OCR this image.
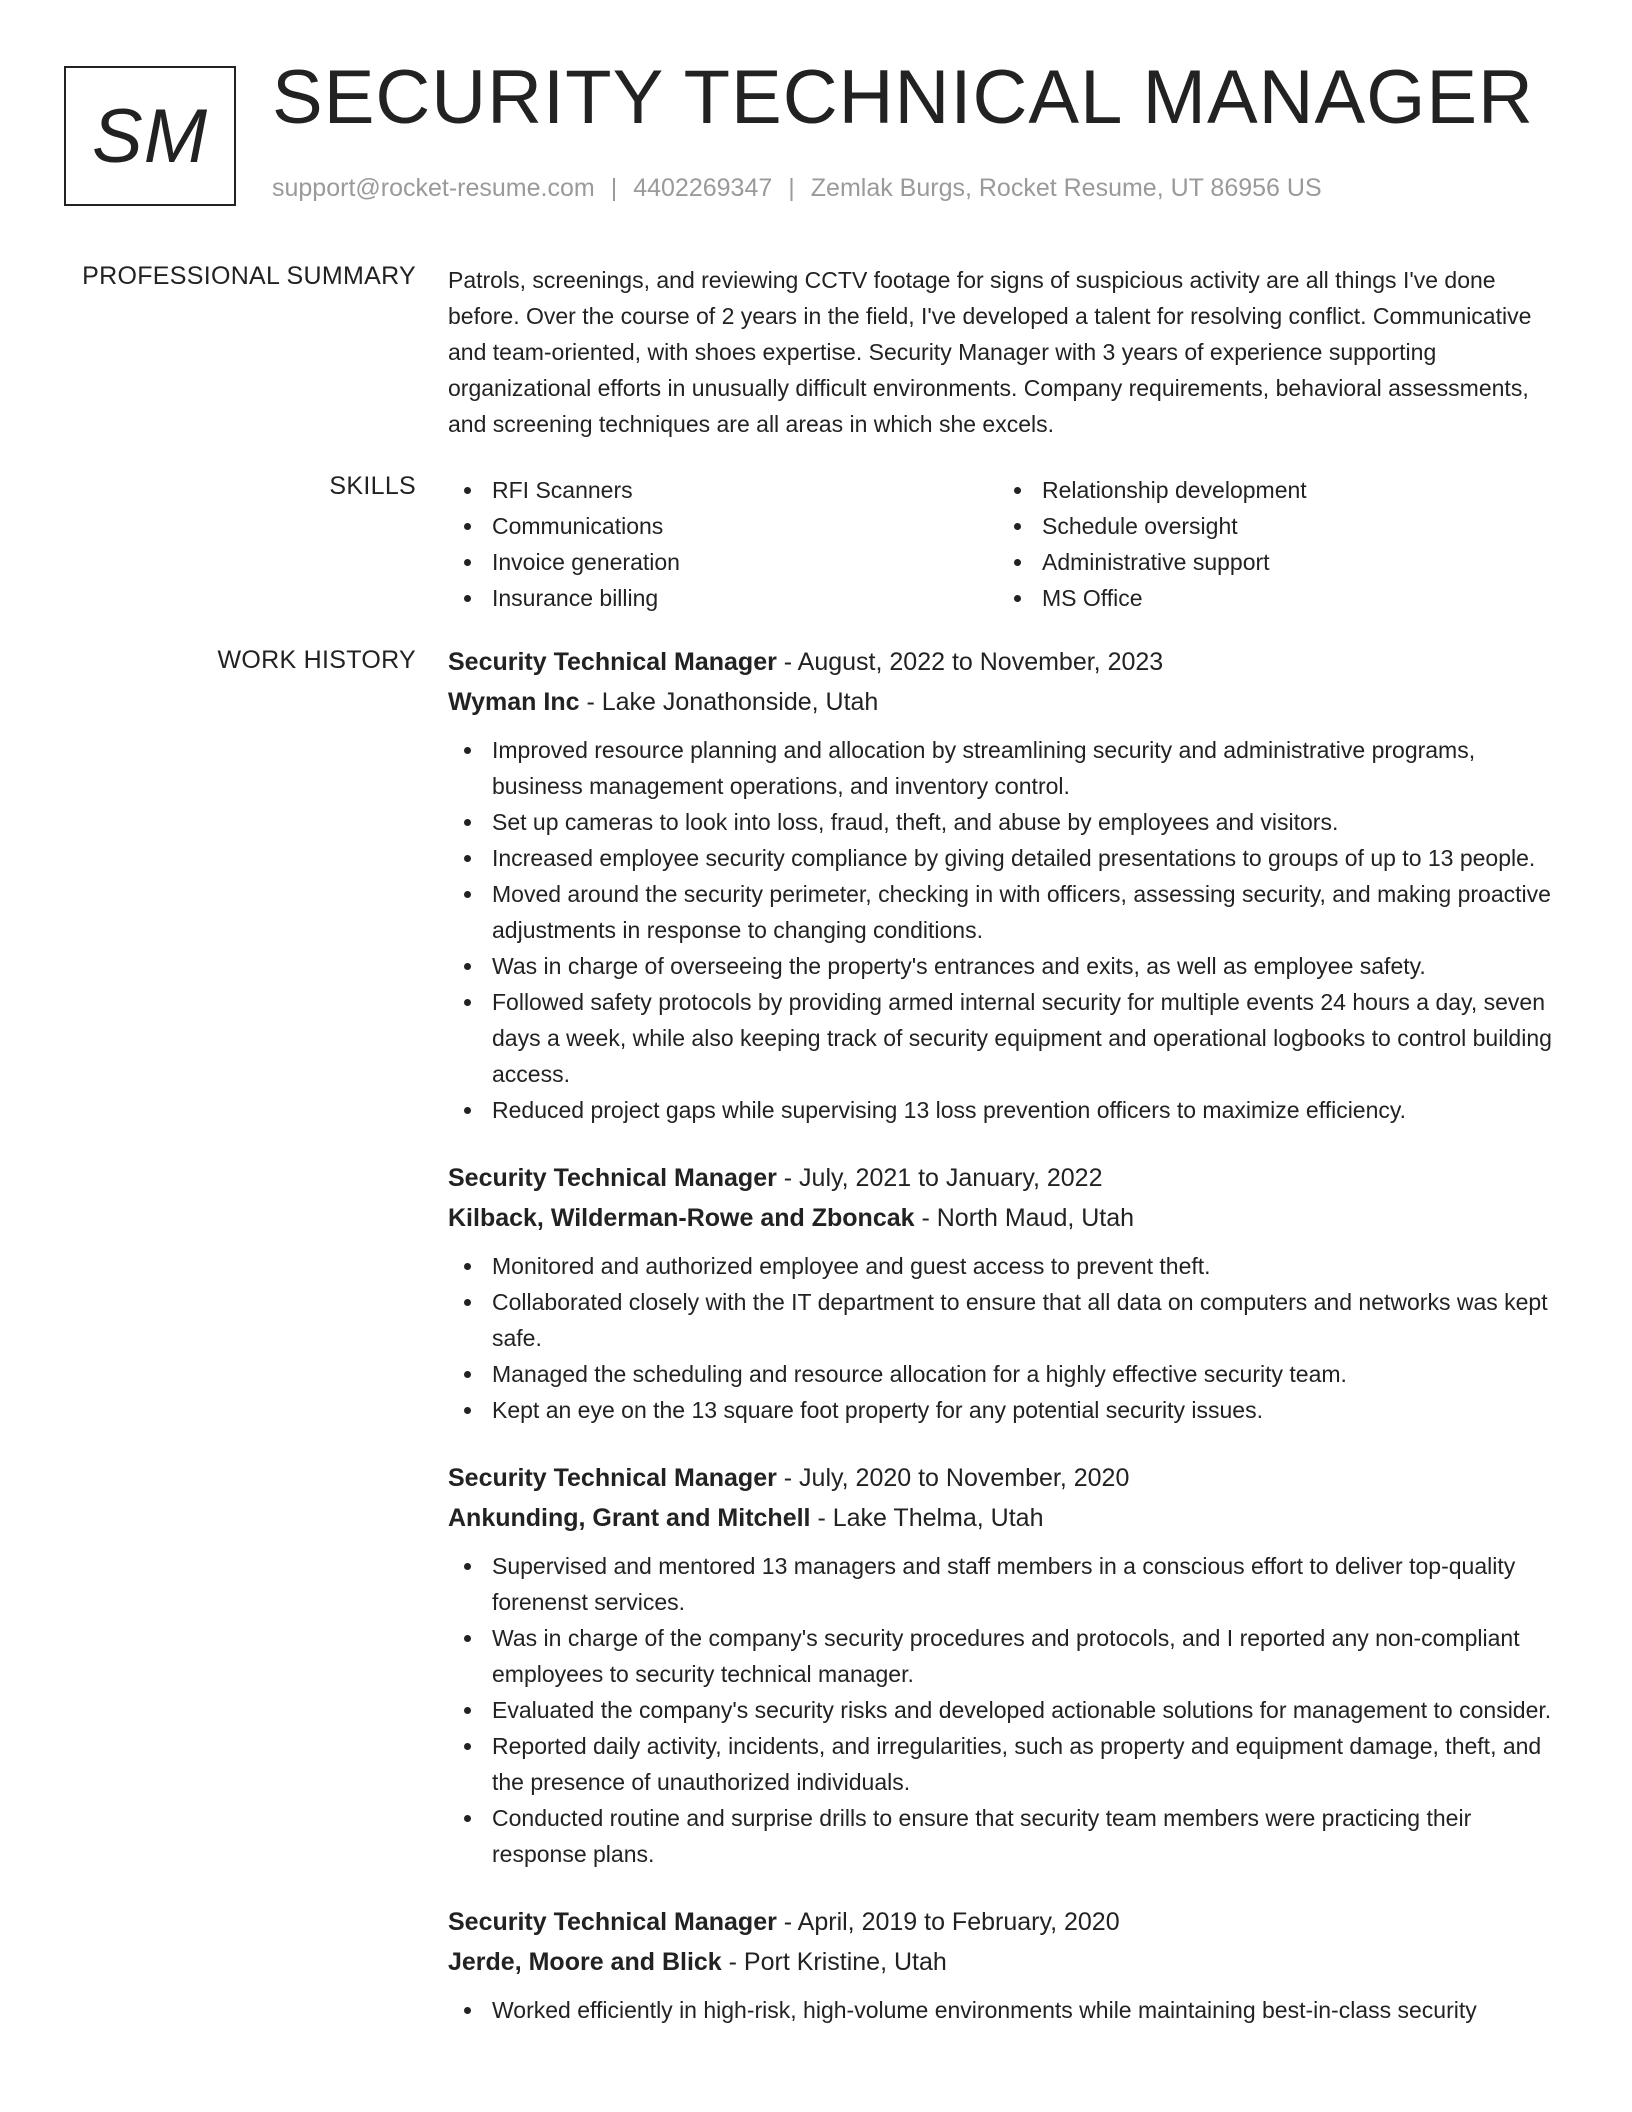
SM SECURITY TECHNICAL MANAGER
support@rocket-resume.com | 4402269347 | Zemlak Burgs, Rocket Resume, UT 86956 US
PROFESSIONAL SUMMARY Patrols, screenings, and reviewing CCTV footage for signs of suspicious activity are all things I've done before. Over the course of 2 years in the field, I've developed a talent for resolving conflict. Communicative and team-oriented, with shoes expertise. Security Manager with 3 years of experience supporting organizational efforts in unusually difficult environments. Company requirements, behavioral assessments, and screening techniques are all areas in which she excels.

SKILLS	RFI Scanners
Communications
Invoice generation
Insurance billing
Relationship development
Schedule oversight
Administrative support
MS Office
WORK HISTORY Security Technical Manager - August, 2022 to November, 2023
Wyman Inc - Lake Jonathonside, Utah
Improved resource planning and allocation by streamlining security and administrative programs, business management operations, and inventory control.
Set up cameras to look into loss, fraud, theft, and abuse by employees and visitors.
Increased employee security compliance by giving detailed presentations to groups of up to 13 people.
Moved around the security perimeter, checking in with officers, assessing security, and making proactive adjustments in response to changing conditions.
Was in charge of overseeing the property's entrances and exits, as well as employee safety.
Followed safety protocols by providing armed internal security for multiple events 24 hours a day, seven days a week, while also keeping track of security equipment and operational logbooks to control building access.
Reduced project gaps while supervising 13 loss prevention officers to maximize efficiency.
Security Technical Manager - July, 2021 to January, 2022
Kilback, Wilderman-Rowe and Zboncak - North Maud, Utah
Monitored and authorized employee and guest access to prevent theft.
Collaborated closely with the IT department to ensure that all data on computers and networks was kept safe.
Managed the scheduling and resource allocation for a highly effective security team.
Kept an eye on the 13 square foot property for any potential security issues.
Security Technical Manager - July, 2020 to November, 2020
Ankunding, Grant and Mitchell - Lake Thelma, Utah
Supervised and mentored 13 managers and staff members in a conscious effort to deliver top-quality forenenst services.
Was in charge of the company's security procedures and protocols, and I reported any non-compliant employees to security technical manager.
Evaluated the company's security risks and developed actionable solutions for management to consider.
Reported daily activity, incidents, and irregularities, such as property and equipment damage, theft, and the presence of unauthorized individuals.
Conducted routine and surprise drills to ensure that security team members were practicing their response plans.
Security Technical Manager - April, 2019 to February, 2020
Jerde, Moore and Blick - Port Kristine, Utah
Worked efficiently in high-risk, high-volume environments while maintaining best-in-class security
